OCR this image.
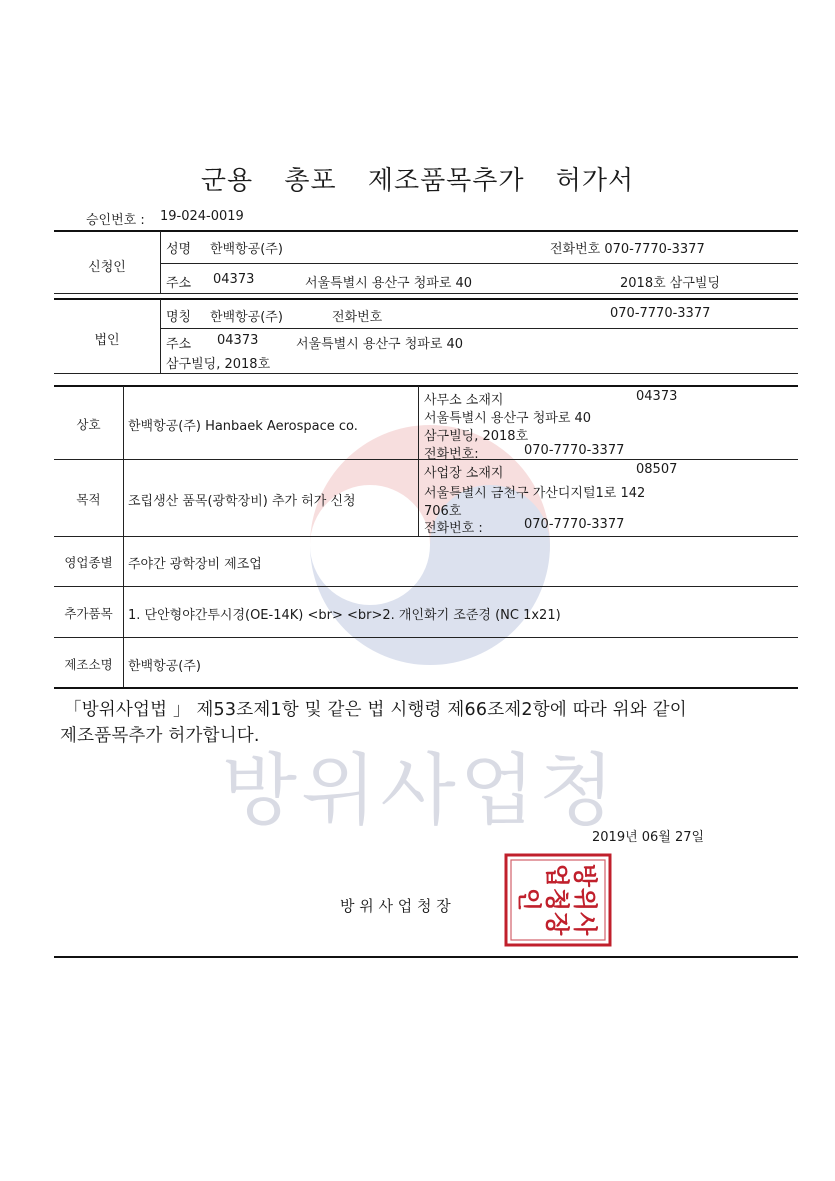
방위사업청
군용 총포 제조품목추가 허가서
승인번호 : 19-024-0019
신청인
성명 한백항공(주)	전화번호 070-7770-3377
주소 04373	서울특별시 용산구 청파로 40	2018호 삼구빌딩
법인
명칭 한백항공(주)	전화번호	070-7770-3377
주소 04373	서울특별시 용산구 청파로 40
삼구빌딩, 2018호
상호	한백항공(주) Hanbaek Aerospace co.
사무소 소재지	04373
서울특별시 용산구 청파로 40
삼구빌딩, 2018호
전화번호:	070-7770-3377
목적	조립생산 품목(광학장비) 추가 허가 신청
사업장 소재지	08507
서울특별시 금천구 가산디지털1로 142
706호
전화번호 :	070-7770-3377
영업종별	주야간 광학장비 제조업
추가품목	1. 단안형야간투시경(OE-14K) <br> <br>2. 개인화기 조준경 (NC 1x21)
제조소명	한백항공(주)
「방위사업법 」 제53조제1항 및 같은 법 시행령 제66조제2항에 따라 위와 같이
제조품목추가 허가합니다.
2019년 06월 27일
방 위 사 업 청 장	방위사업청장인
